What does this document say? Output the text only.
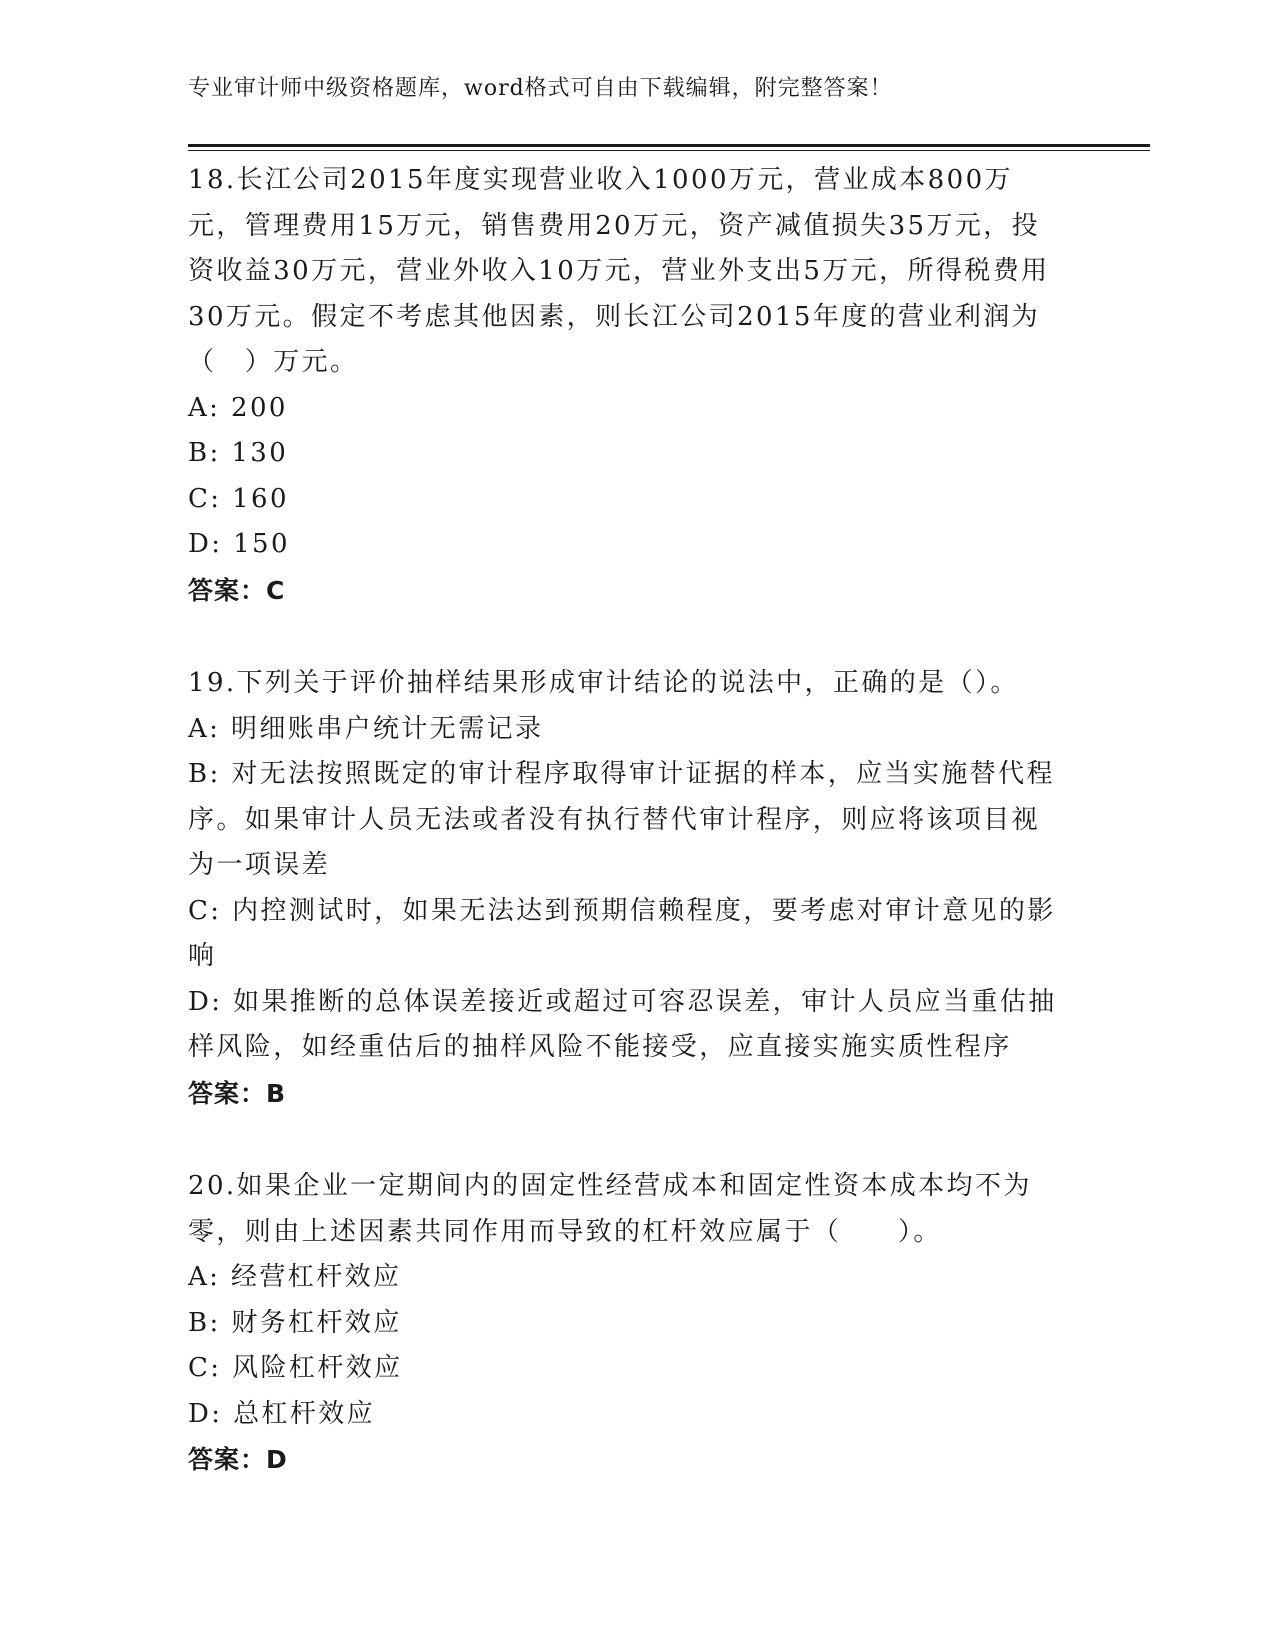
专业审计师中级资格题库，word格式可自由下载编辑，附完整答案！

18.长江公司2015年度实现营业收入1000万元，营业成本800万元，管理费用15万元，销售费用20万元，资产减值损失35万元，投资收益30万元，营业外收入10万元，营业外支出5万元，所得税费用30万元。假定不考虑其他因素，则长江公司2015年度的营业利润为（　）万元。

A: 200

B: 130

C: 160

D: 150

答案：C

19.下列关于评价抽样结果形成审计结论的说法中，正确的是（）。

A: 明细账串户统计无需记录

B: 对无法按照既定的审计程序取得审计证据的样本，应当实施替代程序。如果审计人员无法或者没有执行替代审计程序，则应将该项目视为一项误差

C: 内控测试时，如果无法达到预期信赖程度，要考虑对审计意见的影响

D: 如果推断的总体误差接近或超过可容忍误差，审计人员应当重估抽样风险，如经重估后的抽样风险不能接受，应直接实施实质性程序

答案：B

20.如果企业一定期间内的固定性经营成本和固定性资本成本均不为零，则由上述因素共同作用而导致的杠杆效应属于（　　）。

A: 经营杠杆效应

B: 财务杠杆效应

C: 风险杠杆效应

D: 总杠杆效应

答案：D
